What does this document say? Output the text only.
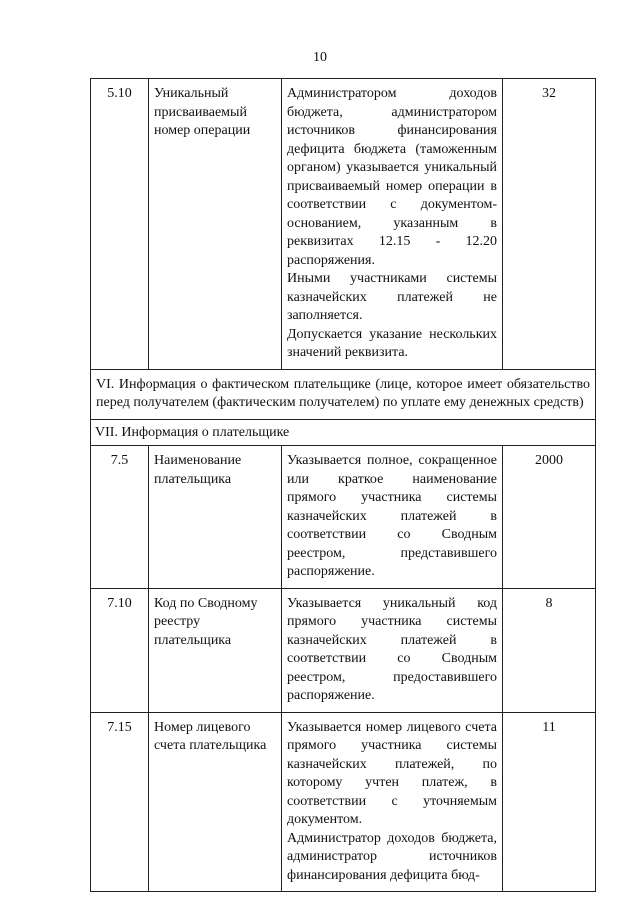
10
5.10	Уникальный присваиваемый номер операции	Администратором доходов бюджета, администратором источников финансирования дефицита бюджета (таможенным органом) указывается уникальный присваиваемый номер операции в соответствии с документом-основанием, указанным в реквизитах 12.15 - 12.20 распоряжения.
Иными участниками системы казначейских платежей не заполняется.
Допускается указание нескольких значений реквизита.	32
VI. Информация о фактическом плательщике (лице, которое имеет обязательство перед получателем (фактическим получателем) по уплате ему денежных средств)			
VII. Информация о плательщике			
7.5	Наименование плательщика	Указывается полное, сокращенное или краткое наименование прямого участника системы казначейских платежей в соответствии со Сводным реестром, представившего распоряжение.	2000
7.10	Код по Сводному реестру плательщика	Указывается уникальный код прямого участника системы казначейских платежей в соответствии со Сводным реестром, предоставившего распоряжение.	8
7.15	Номер лицевого счета плательщика	Указывается номер лицевого счета прямого участника системы казначейских платежей, по которому учтен платеж, в соответствии с уточняемым документом.
Администратор доходов бюджета, администратор источников финансирования дефицита бюд-	11
